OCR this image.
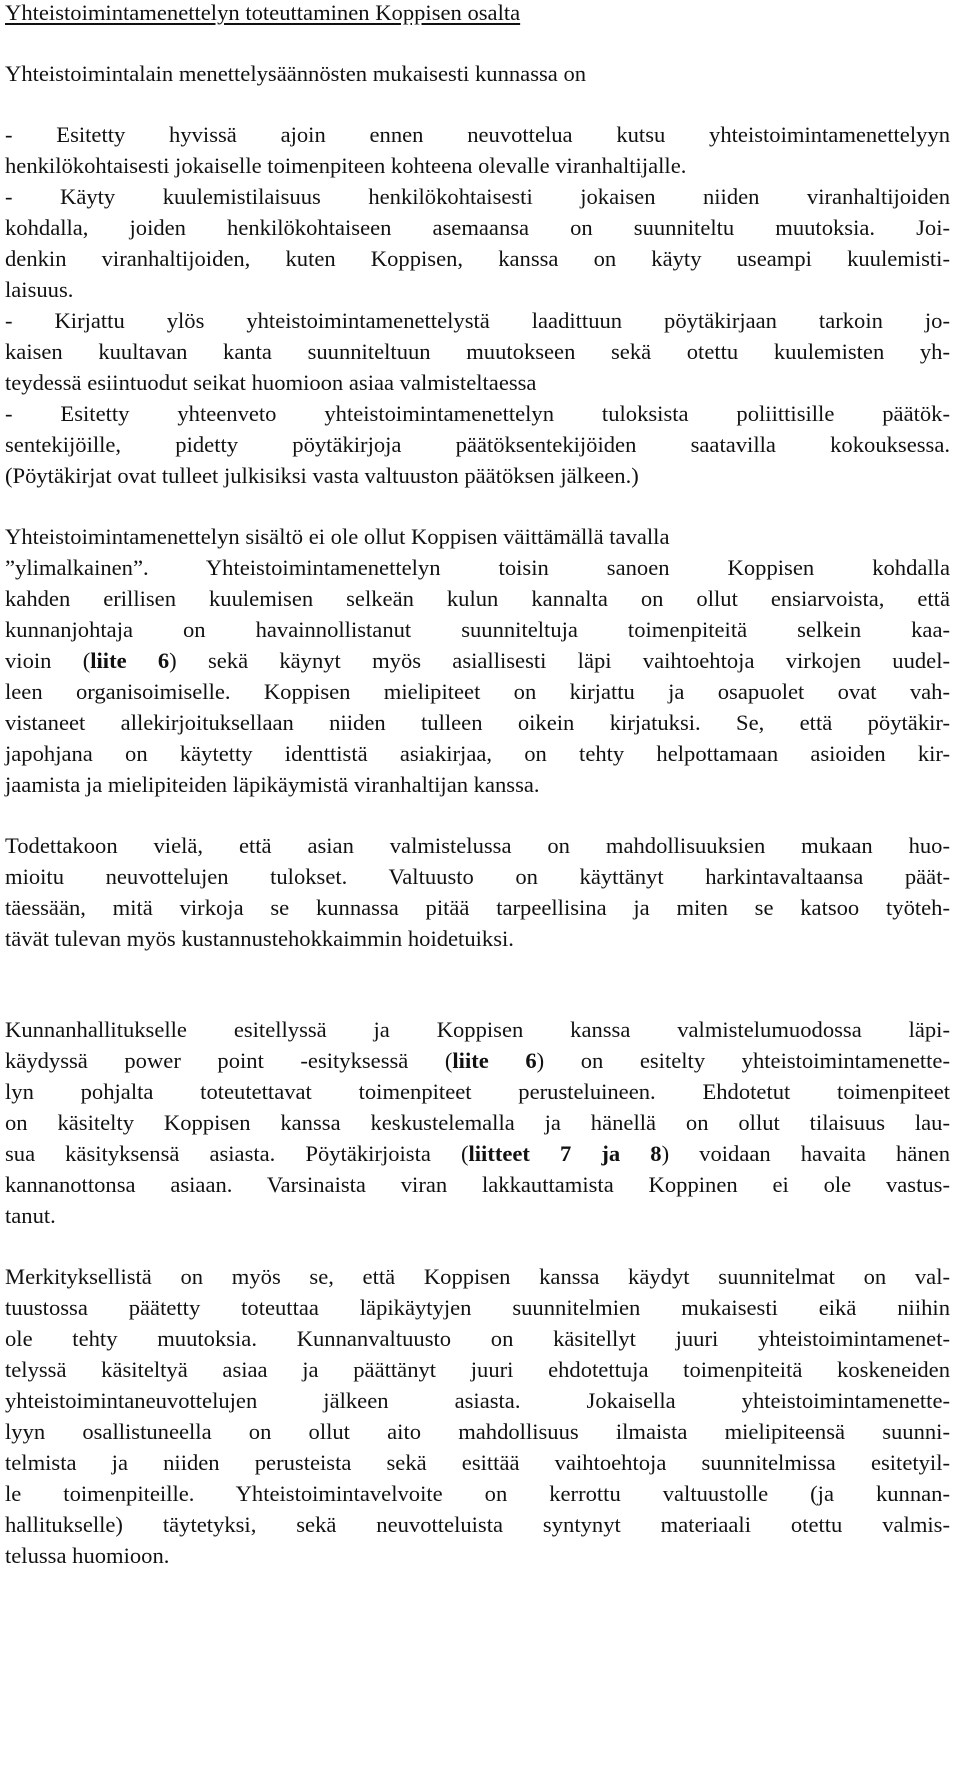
Yhteistoimintamenettelyn toteuttaminen Koppisen osalta
Yhteistoimintalain menettelysäännösten mukaisesti kunnassa on
- Esitetty hyvissä ajoin ennen neuvottelua kutsu yhteistoimintamenettelyyn
henkilökohtaisesti jokaiselle toimenpiteen kohteena olevalle viranhaltijalle.
- Käyty kuulemistilaisuus henkilökohtaisesti jokaisen niiden viranhaltijoiden
kohdalla, joiden henkilökohtaiseen asemaansa on suunniteltu muutoksia. Joi-
denkin viranhaltijoiden, kuten Koppisen, kanssa on käyty useampi kuulemisti-
laisuus.
- Kirjattu ylös yhteistoimintamenettelystä laadittuun pöytäkirjaan tarkoin jo-
kaisen kuultavan kanta suunniteltuun muutokseen sekä otettu kuulemisten yh-
teydessä esiintuodut seikat huomioon asiaa valmisteltaessa
- Esitetty yhteenveto yhteistoimintamenettelyn tuloksista poliittisille päätök-
sentekijöille, pidetty pöytäkirjoja päätöksentekijöiden saatavilla kokouksessa.
(Pöytäkirjat ovat tulleet julkisiksi vasta valtuuston päätöksen jälkeen.)
Yhteistoimintamenettelyn sisältö ei ole ollut Koppisen väittämällä tavalla
”ylimalkainen”. Yhteistoimintamenettelyn toisin sanoen Koppisen kohdalla
kahden erillisen kuulemisen selkeän kulun kannalta on ollut ensiarvoista, että
kunnanjohtaja on havainnollistanut suunniteltuja toimenpiteitä selkein kaa-
vioin (liite 6) sekä käynyt myös asiallisesti läpi vaihtoehtoja virkojen uudel-
leen organisoimiselle. Koppisen mielipiteet on kirjattu ja osapuolet ovat vah-
vistaneet allekirjoituksellaan niiden tulleen oikein kirjatuksi. Se, että pöytäkir-
japohjana on käytetty identtistä asiakirjaa, on tehty helpottamaan asioiden kir-
jaamista ja mielipiteiden läpikäymistä viranhaltijan kanssa.
Todettakoon vielä, että asian valmistelussa on mahdollisuuksien mukaan huo-
mioitu neuvottelujen tulokset. Valtuusto on käyttänyt harkintavaltaansa päät-
täessään, mitä virkoja se kunnassa pitää tarpeellisina ja miten se katsoo työteh-
tävät tulevan myös kustannustehokkaimmin hoidetuiksi.
Kunnanhallitukselle esitellyssä ja Koppisen kanssa valmistelumuodossa läpi-
käydyssä power point -esityksessä (liite 6) on esitelty yhteistoimintamenette-
lyn pohjalta toteutettavat toimenpiteet perusteluineen. Ehdotetut toimenpiteet
on käsitelty Koppisen kanssa keskustelemalla ja hänellä on ollut tilaisuus lau-
sua käsityksensä asiasta. Pöytäkirjoista (liitteet 7 ja 8) voidaan havaita hänen
kannanottonsa asiaan. Varsinaista viran lakkauttamista Koppinen ei ole vastus-
tanut.
Merkityksellistä on myös se, että Koppisen kanssa käydyt suunnitelmat on val-
tuustossa päätetty toteuttaa läpikäytyjen suunnitelmien mukaisesti eikä niihin
ole tehty muutoksia. Kunnanvaltuusto on käsitellyt juuri yhteistoimintamenet-
telyssä käsiteltyä asiaa ja päättänyt juuri ehdotettuja toimenpiteitä koskeneiden
yhteistoimintaneuvottelujen jälkeen asiasta. Jokaisella yhteistoimintamenette-
lyyn osallistuneella on ollut aito mahdollisuus ilmaista mielipiteensä suunni-
telmista ja niiden perusteista sekä esittää vaihtoehtoja suunnitelmissa esitetyil-
le toimenpiteille. Yhteistoimintavelvoite on kerrottu valtuustolle (ja kunnan-
hallitukselle) täytetyksi, sekä neuvotteluista syntynyt materiaali otettu valmis-
telussa huomioon.
